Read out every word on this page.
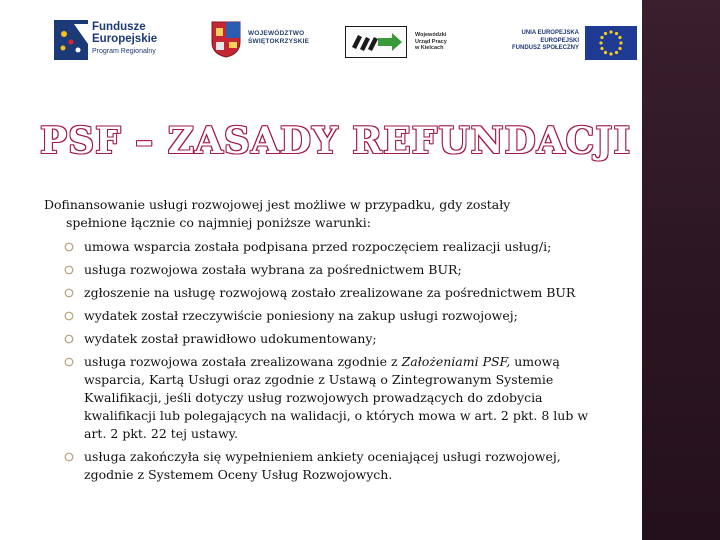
Fundusze
Europejskie
Program Regionalny
WOJEWÓDZTWO
ŚWIĘTOKRZYSKIE
Wojewódzki
Urząd Pracy
w Kielcach
UNIA EUROPEJSKA
EUROPEJSKI
FUNDUSZ SPOŁECZNY
PSF – ZASADY REFUNDACJI
Dofinansowanie usługi rozwojowej jest możliwe w przypadku, gdy zostały
spełnione łącznie co najmniej poniższe warunki:
umowa wsparcia została podpisana przed rozpoczęciem realizacji usług/i;
usługa rozwojowa została wybrana za pośrednictwem BUR;
zgłoszenie na usługę rozwojową zostało zrealizowane za pośrednictwem BUR
wydatek został rzeczywiście poniesiony na zakup usługi rozwojowej;
wydatek został prawidłowo udokumentowany;
usługa rozwojowa została zrealizowana zgodnie z Założeniami PSF, umową wsparcia, Kartą Usługi oraz zgodnie z Ustawą o Zintegrowanym Systemie Kwalifikacji, jeśli dotyczy usług rozwojowych prowadzących do zdobycia kwalifikacji lub polegających na walidacji, o których mowa w art. 2 pkt. 8 lub w art. 2 pkt. 22 tej ustawy.
usługa zakończyła się wypełnieniem ankiety oceniającej usługi rozwojowej, zgodnie z Systemem Oceny Usług Rozwojowych.
